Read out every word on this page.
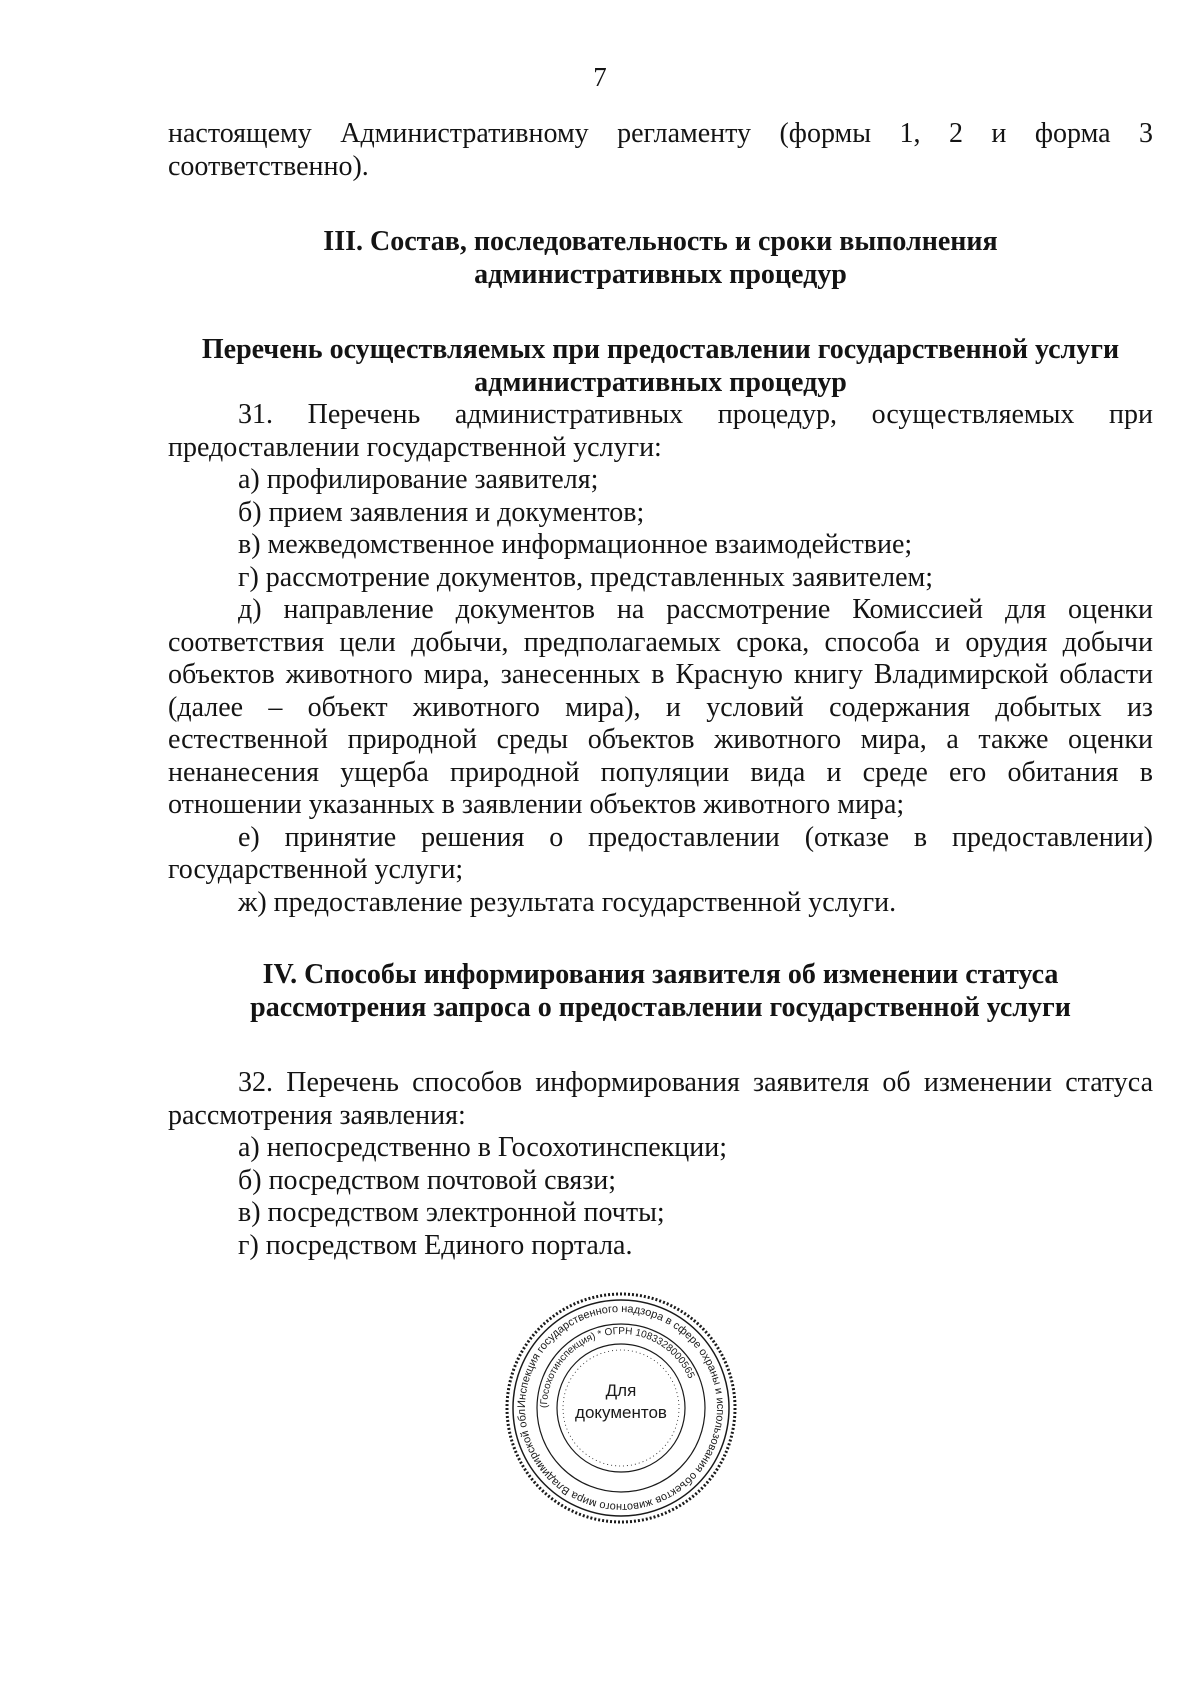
7

настоящему Административному регламенту (формы 1, 2 и форма 3

соответственно).

III. Состав, последовательность и сроки выполнения
административных процедур
Перечень осуществляемых при предоставлении государственной услуги
административных процедур

31. Перечень административных процедур, осуществляемых при

предоставлении государственной услуги:

а) профилирование заявителя;

б) прием заявления и документов;

в) межведомственное информационное взаимодействие;

г) рассмотрение документов, представленных заявителем;

д) направление документов на рассмотрение Комиссией для оценки

соответствия цели добычи, предполагаемых срока, способа и орудия добычи

объектов животного мира, занесенных в Красную книгу Владимирской области

(далее – объект животного мира), и условий содержания добытых из

естественной природной среды объектов животного мира, а также оценки

ненанесения ущерба природной популяции вида и среде его обитания в

отношении указанных в заявлении объектов животного мира;

е) принятие решения о предоставлении (отказе в предоставлении)

государственной услуги;

ж) предоставление результата государственной услуги.

IV. Способы информирования заявителя об изменении статуса
рассмотрения запроса о предоставлении государственной услуги

32. Перечень способов информирования заявителя об изменении статуса

рассмотрения заявления:

а) непосредственно в Госохотинспекции;

б) посредством почтовой связи;

в) посредством электронной почты;

г) посредством Единого портала.

Инспекция государственного надзора в сфере охраны и использования объектов животного мира Владимирской обл
(Госохотинспекция) * ОГРН 1083328000565
Для
документов
